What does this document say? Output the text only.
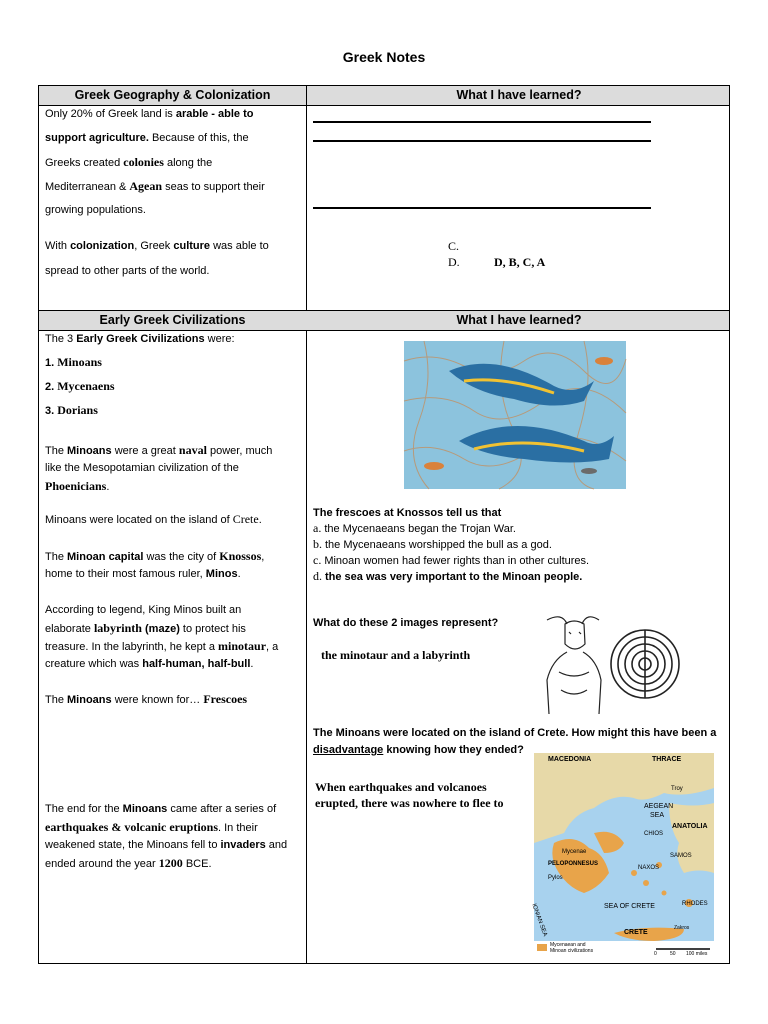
Greek Notes
Greek Geography & Colonization	What I have learned?
Only 20% of Greek land is arable - able to
support agriculture. Because of this, the
Greeks created colonies along the
Mediterranean & Agean seas to support their
growing populations.
With colonization, Greek culture was able to
spread to other parts of the world.
C.
D.	D, B, C, A
Early Greek Civilizations	What I have learned?
The 3 Early Greek Civilizations were:
1. Minoans
2. Mycenaens
3. Dorians
The Minoans were a great naval power, much
like the Mesopotamian civilization of the
Phoenicians.
Minoans were located on the island of Crete.
The Minoan capital was the city of Knossos,
home to their most famous ruler, Minos.
According to legend, King Minos built an
elaborate labyrinth (maze) to protect his
treasure. In the labyrinth, he kept a minotaur, a
creature which was half-human, half-bull.
The Minoans were known for… Frescoes
The end for the Minoans came after a series of
earthquakes & volcanic eruptions. In their
weakened state, the Minoans fell to invaders and
ended around the year 1200 BCE.
The frescoes at Knossos tell us that
a. the Mycenaeans began the Trojan War.
b. the Mycenaeans worshipped the bull as a god.
c. Minoan women had fewer rights than in other cultures.
d. the sea was very important to the Minoan people.
What do these 2 images represent?
the minotaur and a labyrinth
The Minoans were located on the island of Crete. How might this have been a
disadvantage knowing how they ended?
When earthquakes and volcanoes
erupted, there was nowhere to flee to
MACEDONIA	THRACE
Troy
AEGEAN
SEA
ANATOLIA
CHIOS
SAMOS
Mycenae
Pylos
PELOPONNESUS
NAXOS
IONIAN SEA	SEA OF CRETE	RHODES
CRETE
Zakros
Mycenaean and
Minoan civilizations	0	50 100 miles
